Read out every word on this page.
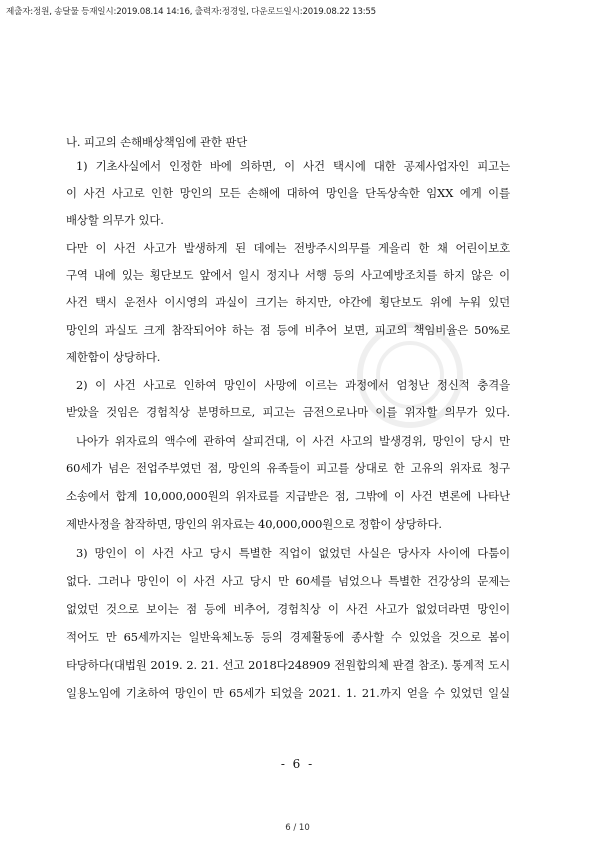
제출자:정원, 송달물 등재일시:2019.08.14 14:16, 출력자:정경일, 다운로드일시:2019.08.22 13:55
나. 피고의 손해배상책임에 관한 판단
1) 기초사실에서 인정한 바에 의하면, 이 사건 택시에 대한 공제사업자인 피고는
이 사건 사고로 인한 망인의 모든 손해에 대하여 망인을 단독상속한 임XX 에게 이를
배상할 의무가 있다.
다만 이 사건 사고가 발생하게 된 데에는 전방주시의무를 게을리 한 채 어린이보호
구역 내에 있는 횡단보도 앞에서 일시 정지나 서행 등의 사고예방조치를 하지 않은 이
사건 택시 운전사 이시영의 과실이 크기는 하지만, 야간에 횡단보도 위에 누워 있던
망인의 과실도 크게 참작되어야 하는 점 등에 비추어 보면, 피고의 책임비율은 50%로
제한함이 상당하다.
2) 이 사건 사고로 인하여 망인이 사망에 이르는 과정에서 엄청난 정신적 충격을
받았을 것임은 경험칙상 분명하므로, 피고는 금전으로나마 이를 위자할 의무가 있다.
나아가 위자료의 액수에 관하여 살피건대, 이 사건 사고의 발생경위, 망인이 당시 만
60세가 넘은 전업주부였던 점, 망인의 유족들이 피고를 상대로 한 고유의 위자료 청구
소송에서 합계 10,000,000원의 위자료를 지급받은 점, 그밖에 이 사건 변론에 나타난
제반사정을 참작하면, 망인의 위자료는 40,000,000원으로 정함이 상당하다.
3) 망인이 이 사건 사고 당시 특별한 직업이 없었던 사실은 당사자 사이에 다툼이
없다. 그러나 망인이 이 사건 사고 당시 만 60세를 넘었으나 특별한 건강상의 문제는
없었던 것으로 보이는 점 등에 비추어, 경험칙상 이 사건 사고가 없었더라면 망인이
적어도 만 65세까지는 일반육체노동 등의 경제활동에 종사할 수 있었을 것으로 봄이
타당하다(대법원 2019. 2. 21. 선고 2018다248909 전원합의체 판결 참조). 통계적 도시
일용노임에 기초하여 망인이 만 65세가 되었을 2021. 1. 21.까지 얻을 수 있었던 일실
- 6 -
6 / 10
